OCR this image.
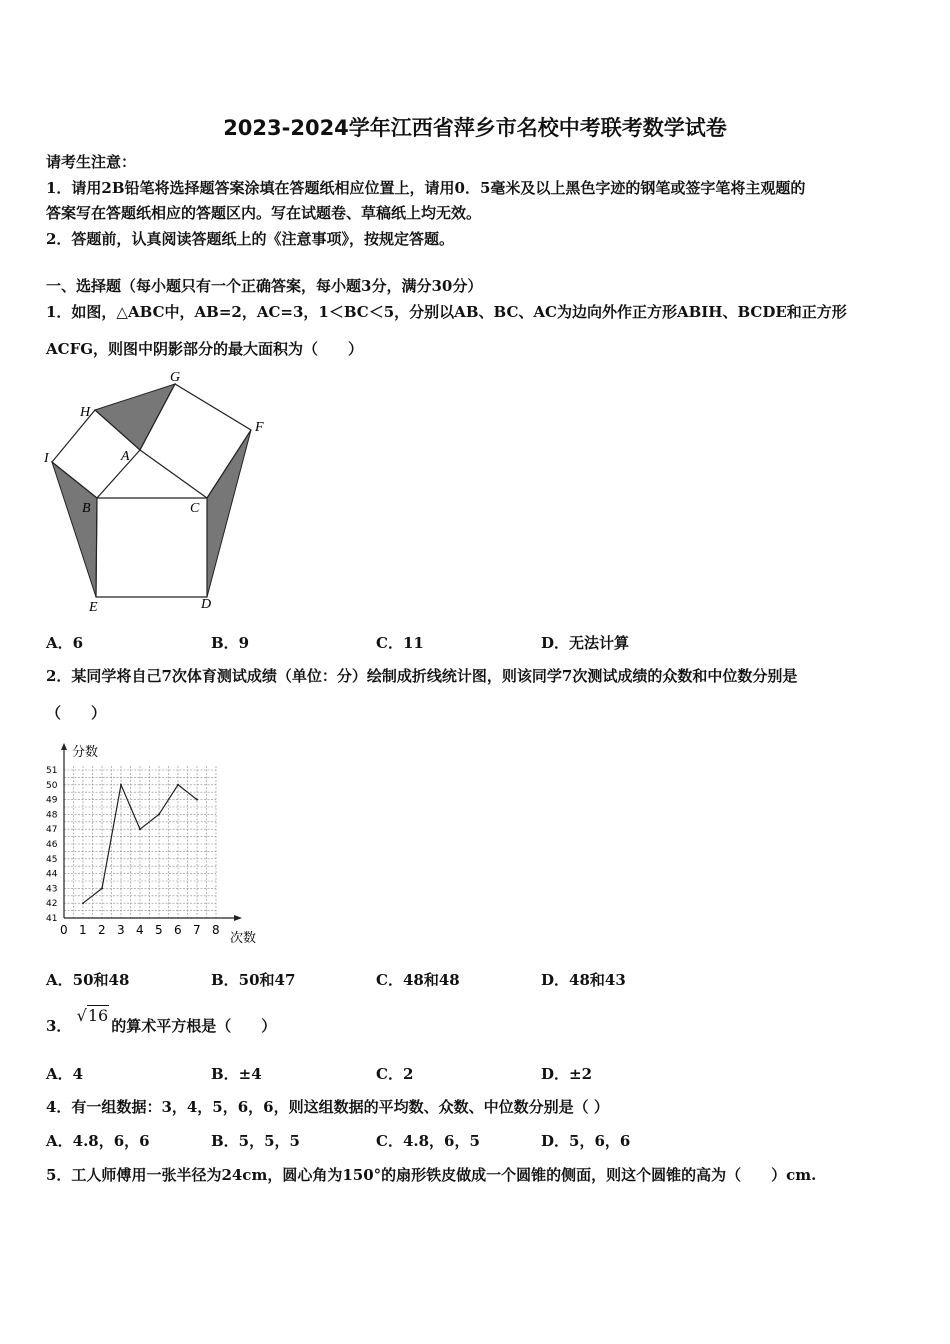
2023-2024学年江西省萍乡市名校中考联考数学试卷
请考生注意：
1．请用2B铅笔将选择题答案涂填在答题纸相应位置上，请用0．5毫米及以上黑色字迹的钢笔或签字笔将主观题的
答案写在答题纸相应的答题区内。写在试题卷、草稿纸上均无效。
2．答题前，认真阅读答题纸上的《注意事项》，按规定答题。
一、选择题（每小题只有一个正确答案，每小题3分，满分30分）
1．如图，△ABC中，AB=2，AC=3，1＜BC＜5，分别以AB、BC、AC为边向外作正方形ABIH、BCDE和正方形
ACFG，则图中阴影部分的最大面积为（　　）
G
H
F
I	A
B	C
E	D
A．6	B．9	C．11	D．无法计算
2．某同学将自己7次体育测试成绩（单位：分）绘制成折线统计图，则该同学7次测试成绩的众数和中位数分别是
（　　）
分数
次数
0 1 2 3 4 5 6 7 8
41
42
43
44
45
46
47
48
49
50
51
A．50和48	B．50和47	C．48和48	D．48和43
3． √16的算术平方根是（　　）
A．4	B．±4	C．2	D．±2
4．有一组数据：3，4，5，6，6，则这组数据的平均数、众数、中位数分别是（ ）
A．4.8，6，6	B．5，5，5	C．4.8，6，5	D．5，6，6
5．工人师傅用一张半径为24cm，圆心角为150°的扇形铁皮做成一个圆锥的侧面，则这个圆锥的高为（　　）cm.
